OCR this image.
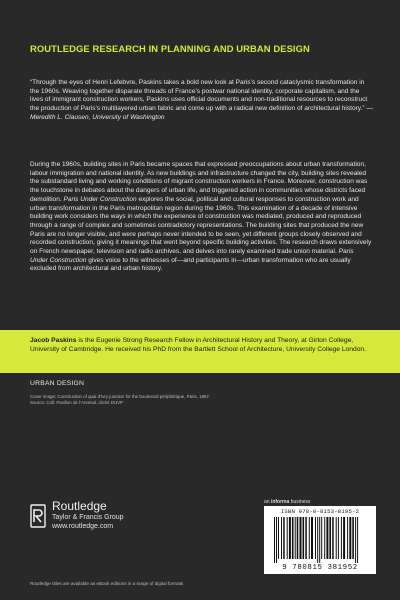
ROUTLEDGE RESEARCH IN PLANNING AND URBAN DESIGN
“Through the eyes of Henri Lefebvre, Paskins takes a bold new look at Paris’s second cataclysmic transformation in the 1960s. Weaving together disparate threads of France’s postwar national identity, corporate capitalism, and the lives of immigrant construction workers, Paskins uses official documents and non-traditional resources to reconstruct the production of Paris’s multilayered urban fabric and come up with a radical new definition of architectural history.” —Meredith L. Clausen, University of Washington
During the 1960s, building sites in Paris became spaces that expressed preoccupations about urban transformation, labour immigration and national identity. As new buildings and infrastructure changed the city, building sites revealed the substandard living and working conditions of migrant construction workers in France. Moreover, construction was the touchstone in debates about the dangers of urban life, and triggered action in communities whose districts faced demolition. Paris Under Construction explores the social, political and cultural responses to construction work and urban transformation in the Paris metropolitan region during the 1960s. This examination of a decade of intensive building work considers the ways in which the experience of construction was mediated, produced and reproduced through a range of complex and sometimes contradictory representations. The building sites that produced the new Paris are no longer visible, and were perhaps never intended to be seen, yet different groups closely observed and recorded construction, giving it meanings that went beyond specific building activities. The research draws extensively on French newspaper, television and radio archives, and delves into rarely examined trade union material. Paris Under Construction gives voice to the witnesses of—and participants in—urban transformation who are usually excluded from architectural and urban history.

Jacob Paskins is the Eugenie Strong Research Fellow in Architectural History and Theory, at Girton College, University of Cambridge. He received his PhD from the Bartlett School of Architecture, University College London.

URBAN DESIGN
Cover image: Construction of quai d’Ivry junction for the boulevard périphérique, Paris, 1967.
Source: Coll. Pavillon de l’Arsenal, cliché DUVP
Routledge
Taylor & Francis Group
www.routledge.com
an informa business
ISBN 978-0-8153-8195-2
9 780815 381952
Routledge titles are available as eBook editions in a range of digital formats
